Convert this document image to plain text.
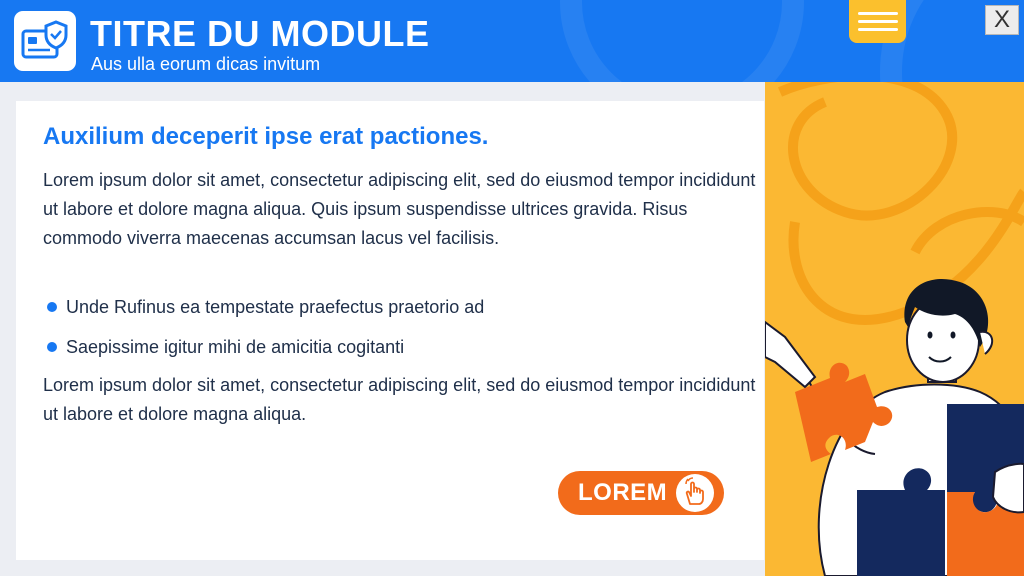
TITRE DU MODULE
Aus ulla eorum dicas invitum
X
Auxilium deceperit ipse erat pactiones.

Lorem ipsum dolor sit amet, consectetur adipiscing elit, sed do eiusmod tempor incididunt ut labore et dolore magna aliqua. Quis ipsum suspendisse ultrices gravida. Risus commodo viverra maecenas accumsan lacus vel facilisis.

Unde Rufinus ea tempestate praefectus praetorio ad
Saepissime igitur mihi de amicitia cogitanti

Lorem ipsum dolor sit amet, consectetur adipiscing elit, sed do eiusmod tempor incididunt ut labore et dolore magna aliqua.

LOREM
